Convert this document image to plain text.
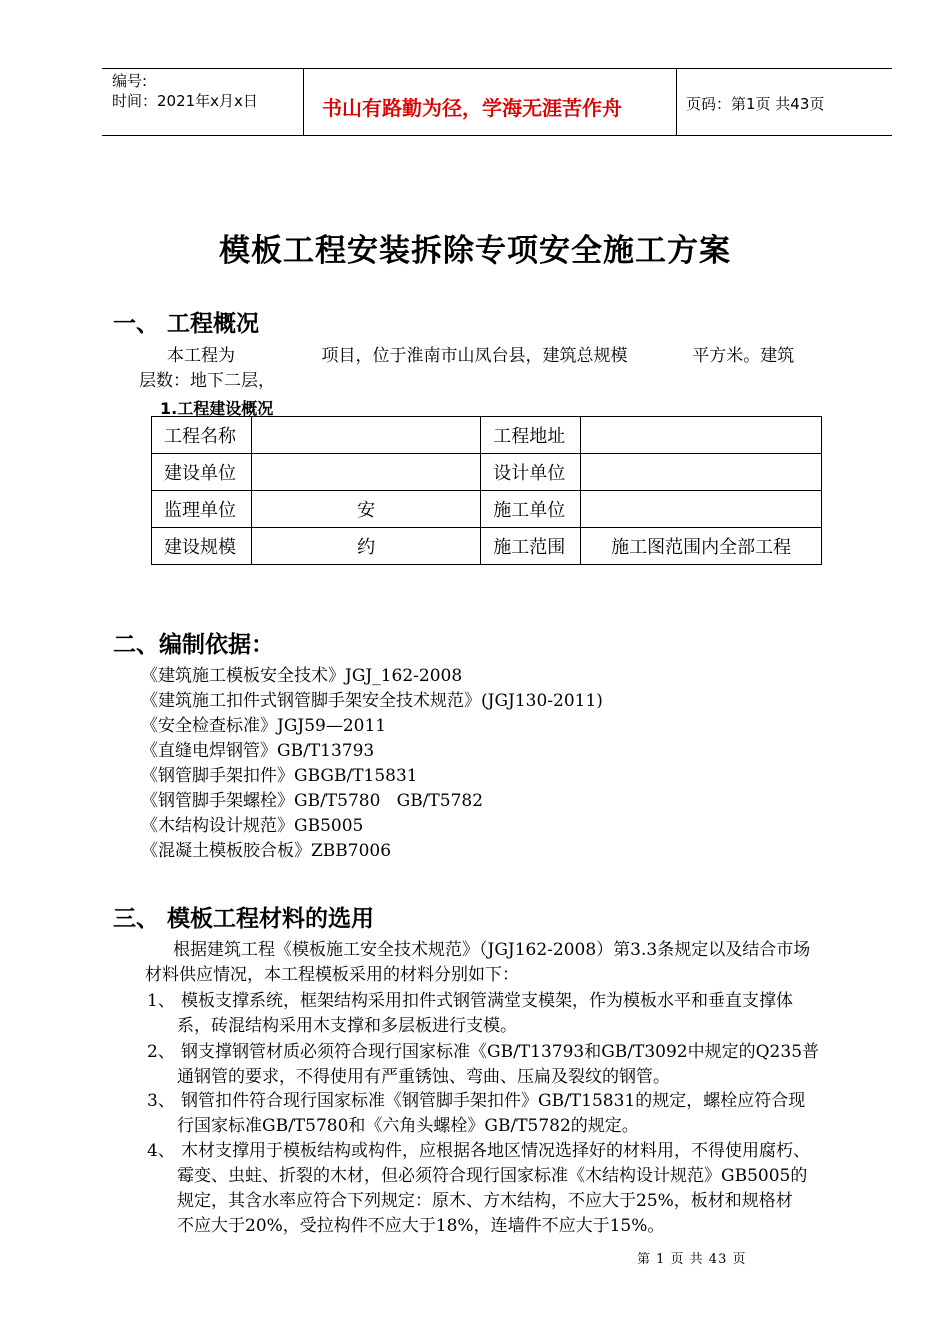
编号:
时间：2021年x月x日	书山有路勤为径，学海无涯苦作舟	页码：第1页 共43页
模板工程安装拆除专项安全施工方案
一、 工程概况
本工程为                项目，位于淮南市山凤台县，建筑总规模            平方米。建筑
层数：地下二层，
1.工程建设概况
工程名称		工程地址	
建设单位		设计单位	
监理单位	安	施工单位	
建设规模	约	施工范围	施工图范围内全部工程
二、编制依据：
《建筑施工模板安全技术》JGJ_162-2008
《建筑施工扣件式钢管脚手架安全技术规范》(JGJ130-2011)
《安全检查标准》JGJ59—2011
《直缝电焊钢管》GB/T13793
《钢管脚手架扣件》GBGB/T15831
《钢管脚手架螺栓》GB/T5780   GB/T5782
《木结构设计规范》GB5005
《混凝土模板胶合板》ZBB7006
三、 模板工程材料的选用
根据建筑工程《模板施工安全技术规范》（JGJ162-2008）第3.3条规定以及结合市场
材料供应情况，本工程模板采用的材料分别如下：
1、 模板支撑系统，框架结构采用扣件式钢管满堂支模架，作为模板水平和垂直支撑体
系，砖混结构采用木支撑和多层板进行支模。
2、 钢支撑钢管材质必须符合现行国家标准《GB/T13793和GB/T3092中规定的Q235普
通钢管的要求，不得使用有严重锈蚀、弯曲、压扁及裂纹的钢管。
3、 钢管扣件符合现行国家标准《钢管脚手架扣件》GB/T15831的规定，螺栓应符合现
行国家标准GB/T5780和《六角头螺栓》GB/T5782的规定。
4、 木材支撑用于模板结构或构件，应根据各地区情况选择好的材料用，不得使用腐朽、
霉变、虫蛀、折裂的木材，但必须符合现行国家标准《木结构设计规范》GB5005的
规定，其含水率应符合下列规定：原木、方木结构，不应大于25%，板材和规格材
不应大于20%，受拉构件不应大于18%，连墙件不应大于15%。
第 1 页 共 43 页
